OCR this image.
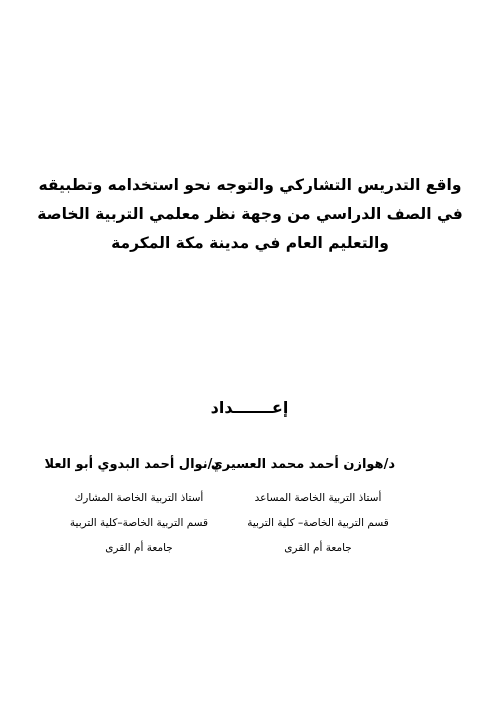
واقع التدريس التشاركي والتوجه نحو استخدامه وتطبيقه
في الصف الدراسي من وجهة نظر معلمي التربية الخاصة
والتعليم العام في مدينة مكة المكرمة
إعـــــــداد
د/هوازن أحمد محمد العسيري
أستاذ التربية الخاصة المساعد
قسم التربية الخاصة– كلية التربية
جامعة أم القرى
د/نوال أحمد البدوي أبو العلا
أستاذ التربية الخاصة المشارك
قسم التربية الخاصة–كلية التربية
جامعة أم القرى
